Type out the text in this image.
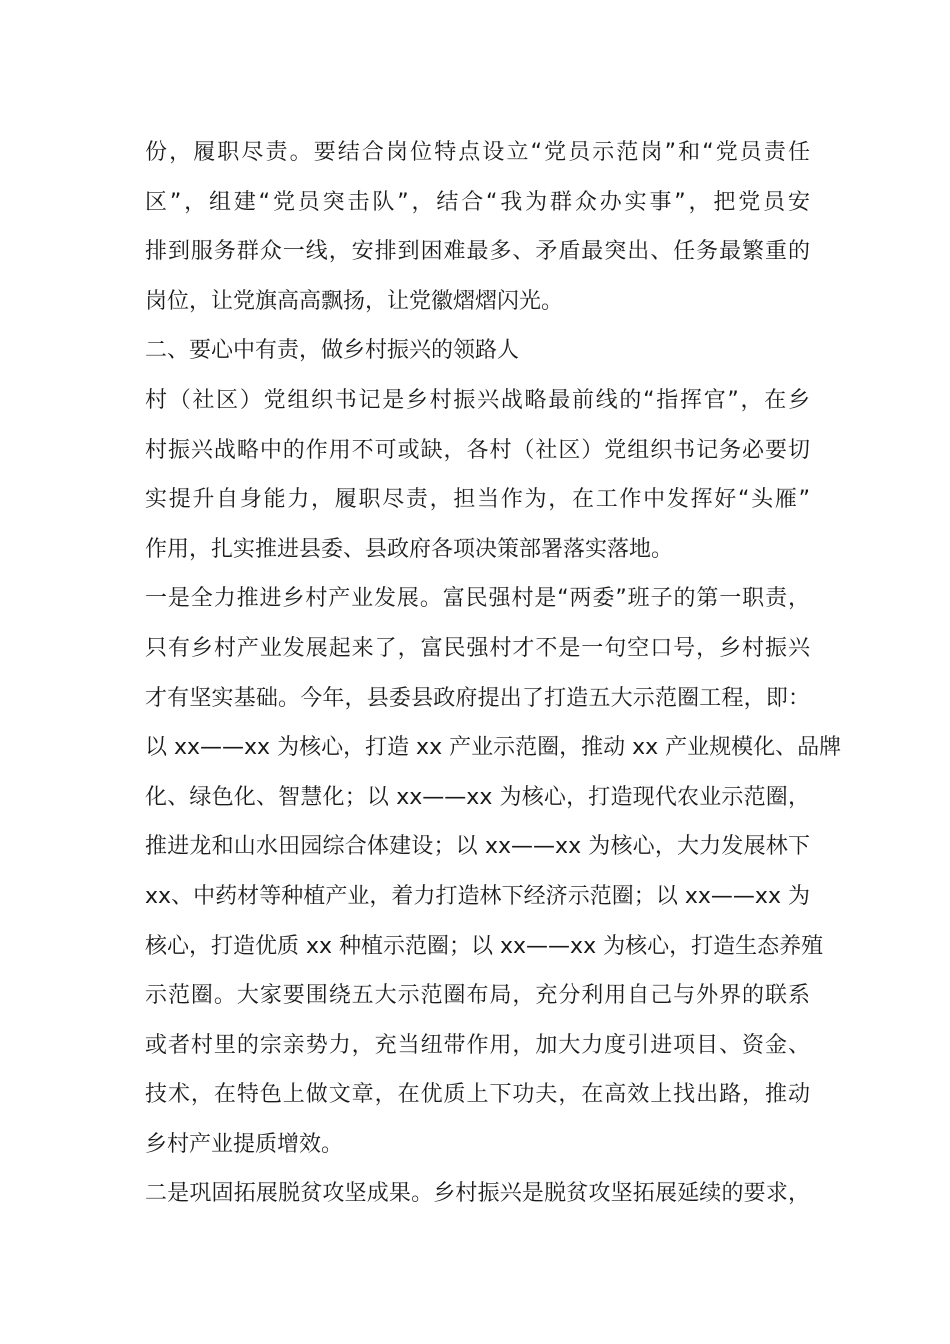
份，履职尽责。要结合岗位特点设立“党员示范岗”和“党员责任
区”，组建“党员突击队”，结合“我为群众办实事”，把党员安
排到服务群众一线，安排到困难最多、矛盾最突出、任务最繁重的
岗位，让党旗高高飘扬，让党徽熠熠闪光。
二、要心中有责，做乡村振兴的领路人
村（社区）党组织书记是乡村振兴战略最前线的“指挥官”，在乡
村振兴战略中的作用不可或缺，各村（社区）党组织书记务必要切
实提升自身能力，履职尽责，担当作为，在工作中发挥好“头雁”
作用，扎实推进县委、县政府各项决策部署落实落地。
一是全力推进乡村产业发展。富民强村是“两委”班子的第一职责，
只有乡村产业发展起来了，富民强村才不是一句空口号，乡村振兴
才有坚实基础。今年，县委县政府提出了打造五大示范圈工程，即：
以 xx——xx 为核心，打造 xx 产业示范圈，推动 xx 产业规模化、品牌
化、绿色化、智慧化；以 xx——xx 为核心，打造现代农业示范圈，
推进龙和山水田园综合体建设；以 xx——xx 为核心，大力发展林下
xx、中药材等种植产业，着力打造林下经济示范圈；以 xx——xx 为
核心，打造优质 xx 种植示范圈；以 xx——xx 为核心，打造生态养殖
示范圈。大家要围绕五大示范圈布局，充分利用自己与外界的联系
或者村里的宗亲势力，充当纽带作用，加大力度引进项目、资金、
技术，在特色上做文章，在优质上下功夫，在高效上找出路，推动
乡村产业提质增效。
二是巩固拓展脱贫攻坚成果。乡村振兴是脱贫攻坚拓展延续的要求，
